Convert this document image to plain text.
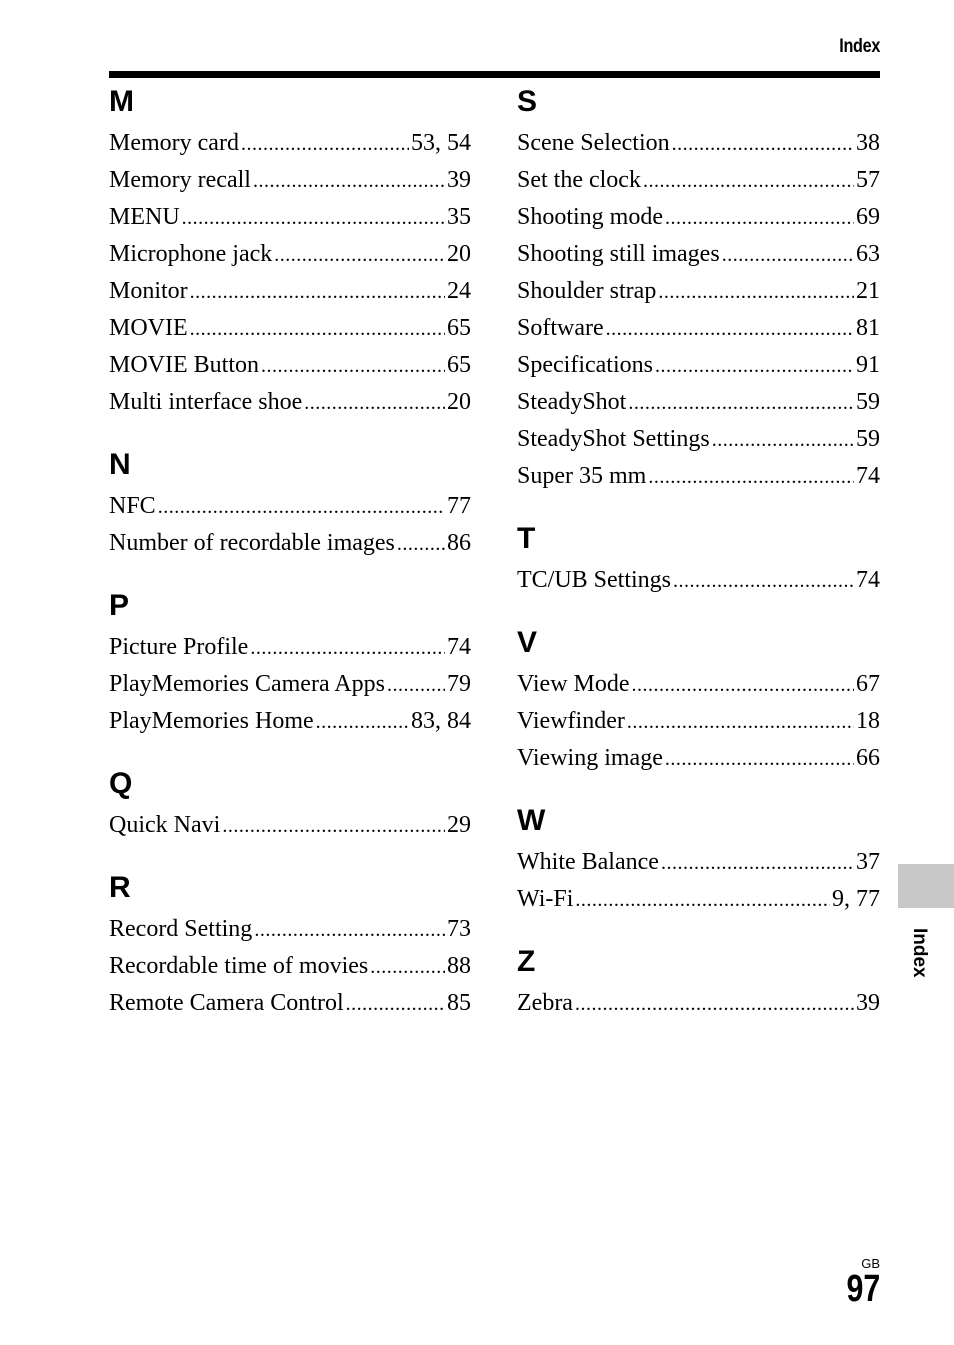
Index
M
Memory card .....	53, 54
Memory recall .....	39
MENU .....	35
Microphone jack .....	20
Monitor .....	24
MOVIE .....	65
MOVIE Button .....	65
Multi interface shoe .....	20
N
NFC .....	77
Number of recordable images ..... 86
P
Picture Profile .....	74
PlayMemories Camera Apps .....	79
PlayMemories Home .....	83, 84
Q
Quick Navi .....	29
R
Record Setting .....	73
Recordable time of movies .....	88
Remote Camera Control .....	85
S
Scene Selection .....	38
Set the clock .....	57
Shooting mode .....	69
Shooting still images .....	63
Shoulder strap .....	21
Software .....	81
Specifications .....	91
SteadyShot .....	59
SteadyShot Settings .....	59
Super 35 mm .....	74
T
TC/UB Settings .....	74
V
View Mode .....	67
Viewfinder .....	18
Viewing image .....	66
W
White Balance .....	37
Wi-Fi .....	9, 77
Z
Zebra .....	39
Index
GB
97
